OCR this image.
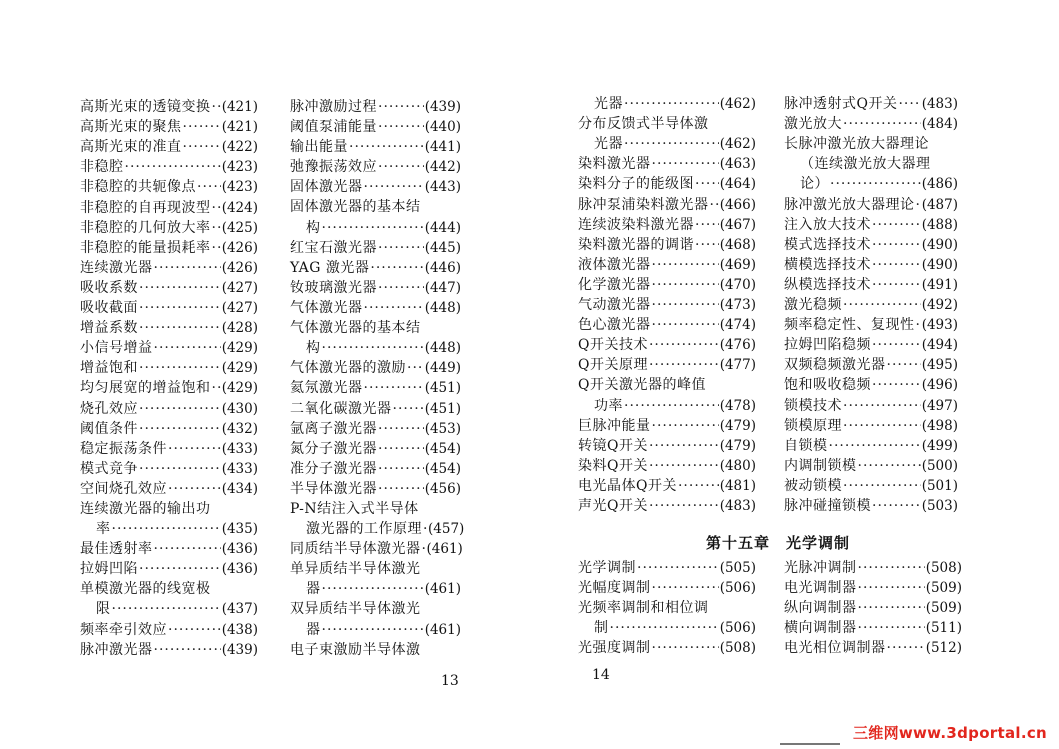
高斯光束的透镜变换 ····· (421)
高斯光束的聚焦 ·····	(421)
高斯光束的准直 ·····	(422)
非稳腔 ·····	(423)
非稳腔的共轭像点 ····· (423)
非稳腔的自再现波型 ····· (424)
非稳腔的几何放大率 ····· (425)
非稳腔的能量损耗率 ····· (426)
连续激光器 ·····	(426)
吸收系数 ·····	(427)
吸收截面 ·····	(427)
增益系数 ·····	(428)
小信号增益 ·····	(429)
增益饱和 ·····	(429)
均匀展宽的增益饱和 ····· (429)
烧孔效应 ·····	(430)
阈值条件 ·····	(432)
稳定振荡条件 ·····	(433)
模式竞争 ·····	(433)
空间烧孔效应 ·····	(434)
连续激光器的输出功
率 ·····	(435)
最佳透射率 ·····	(436)
拉姆凹陷 ·····	(436)
单模激光器的线宽极
限 ·····	(437)
频率牵引效应 ·····	(438)
脉冲激光器 ·····	(439)
脉冲激励过程 ·····	(439)
阈值泵浦能量 ·····	(440)
输出能量 ·····	(441)
弛豫振荡效应 ·····	(442)
固体激光器 ·····	(443)
固体激光器的基本结
构 ·····	(444)
红宝石激光器 ·····	(445)
YAG 激光器 ·····	(446)
钕玻璃激光器 ·····	(447)
气体激光器 ·····	(448)
气体激光器的基本结
构 ·····	(448)
气体激光器的激励 ····· (449)
氦氖激光器 ·····	(451)
二氧化碳激光器 ····· (451)
氩离子激光器 ·····	(453)
氮分子激光器 ·····	(454)
准分子激光器 ·····	(454)
半导体激光器 ·····	(456)
P-N结注入式半导体
激光器的工作原理 ····· (457)
同质结半导体激光器 ····· (461)
单异质结半导体激光
器 ·····	(461)
双异质结半导体激光
器 ·····	(461)
电子束激励半导体激
13
光器 ·····	(462)
分布反馈式半导体激
光器 ·····	(462)
染料激光器 ·····	(463)
染料分子的能级图 ····· (464)
脉冲泵浦染料激光器 ····· (466)
连续波染料激光器 ····· (467)
染料激光器的调谐 ····· (468)
液体激光器 ·····	(469)
化学激光器 ·····	(470)
气动激光器 ·····	(473)
色心激光器 ·····	(474)
Q开关技术 ·····	(476)
Q开关原理 ·····	(477)
Q开关激光器的峰值
功率 ·····	(478)
巨脉冲能量 ·····	(479)
转镜Q开关 ·····	(479)
染料Q开关 ·····	(480)
电光晶体Q开关 ·····	(481)
声光Q开关 ·····	(483)
脉冲透射式Q开关 ····· (483)
激光放大 ·····	(484)
长脉冲激光放大器理论
（连续激光放大器理
论） ·····	(486)
脉冲激光放大器理论 ····· (487)
注入放大技术 ·····	(488)
模式选择技术 ·····	(490)
横模选择技术 ·····	(490)
纵模选择技术 ·····	(491)
激光稳频 ·····	(492)
频率稳定性、复现性 ····· (493)
拉姆凹陷稳频 ·····	(494)
双频稳频激光器 ·····	(495)
饱和吸收稳频 ·····	(496)
锁模技术 ·····	(497)
锁模原理 ·····	(498)
自锁模 ·····	(499)
内调制锁模 ·····	(500)
被动锁模 ·····	(501)
脉冲碰撞锁模 ·····	(503)
第十五章　光学调制
光学调制 ·····	(505)
光幅度调制 ·····	(506)
光频率调制和相位调
制 ·····	(506)
光强度调制 ·····	(508)
光脉冲调制 ·····	(508)
电光调制器 ·····	(509)
纵向调制器 ·····	(509)
横向调制器 ·····	(511)
电光相位调制器 ·····	(512)
14
三维网www.3dportal.cn
